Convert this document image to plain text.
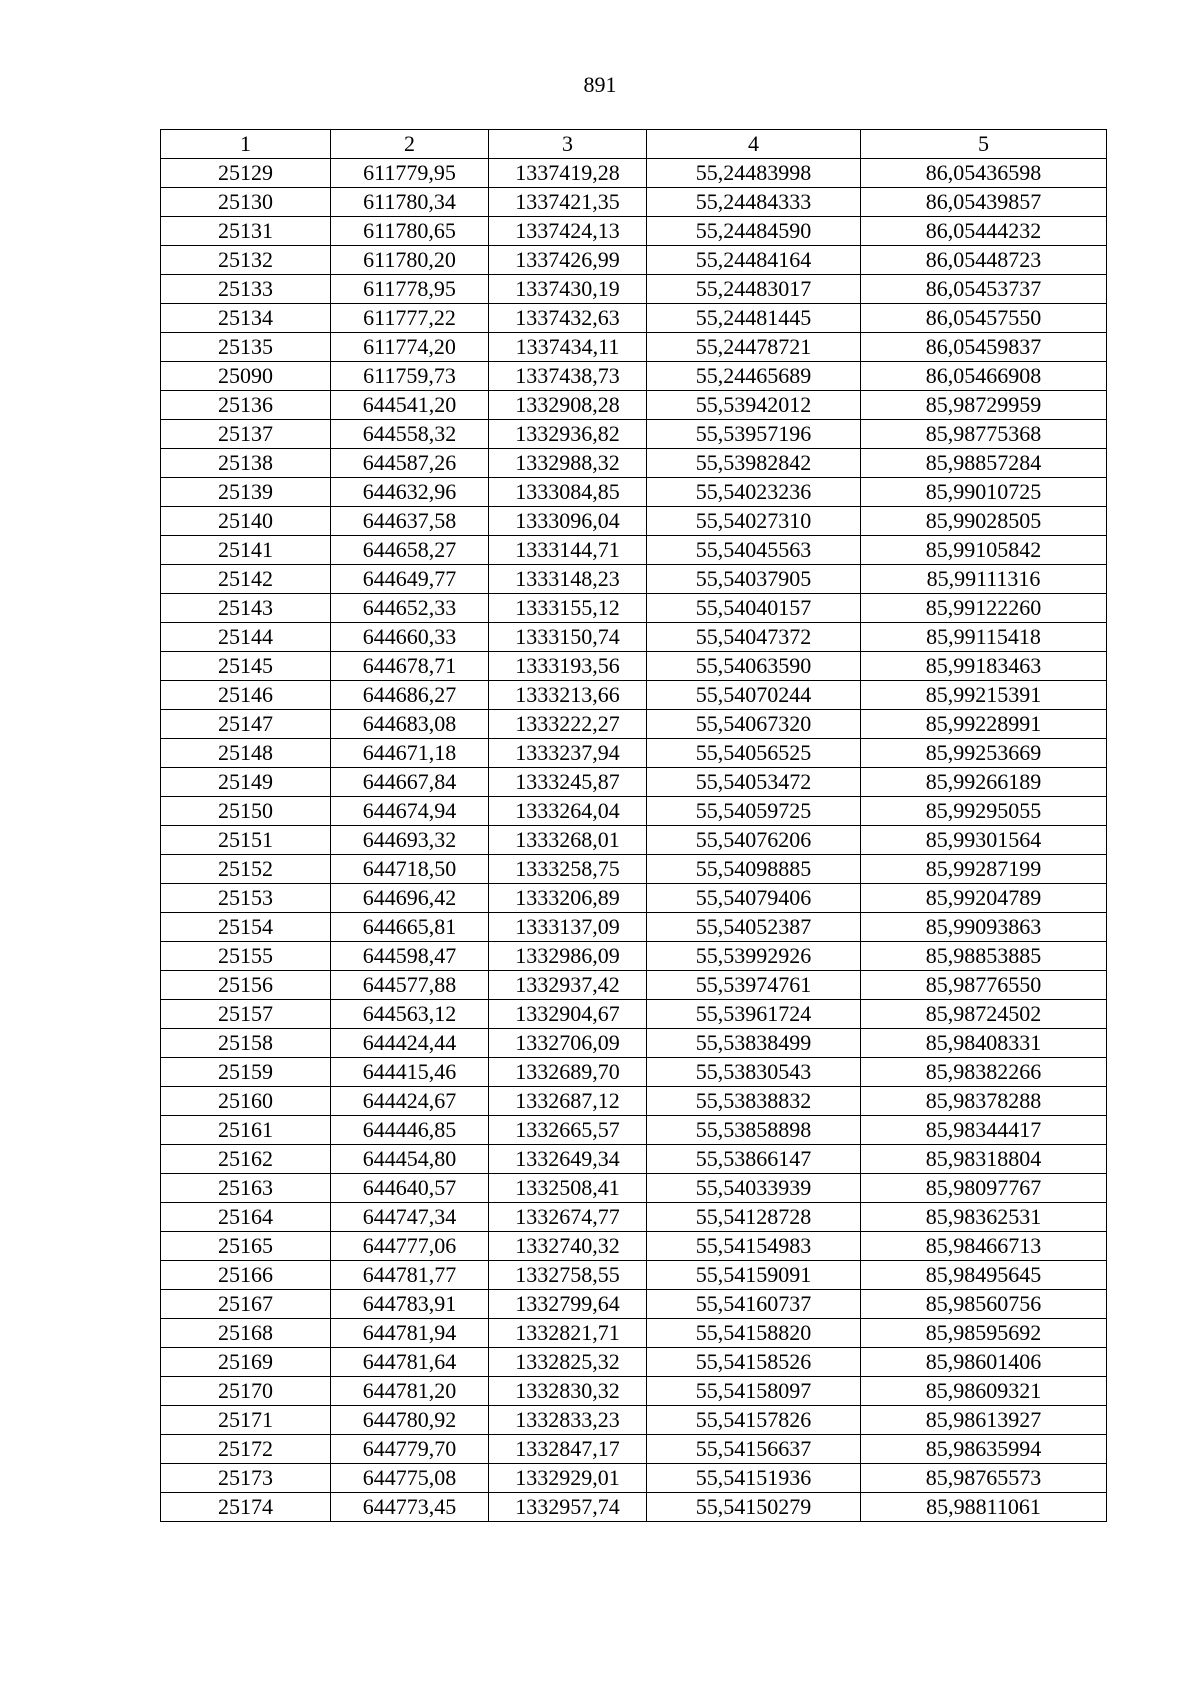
891
1	2	3	4	5
25129	611779,95	1337419,28	55,24483998	86,05436598
25130	611780,34	1337421,35	55,24484333	86,05439857
25131	611780,65	1337424,13	55,24484590	86,05444232
25132	611780,20	1337426,99	55,24484164	86,05448723
25133	611778,95	1337430,19	55,24483017	86,05453737
25134	611777,22	1337432,63	55,24481445	86,05457550
25135	611774,20	1337434,11	55,24478721	86,05459837
25090	611759,73	1337438,73	55,24465689	86,05466908
25136	644541,20	1332908,28	55,53942012	85,98729959
25137	644558,32	1332936,82	55,53957196	85,98775368
25138	644587,26	1332988,32	55,53982842	85,98857284
25139	644632,96	1333084,85	55,54023236	85,99010725
25140	644637,58	1333096,04	55,54027310	85,99028505
25141	644658,27	1333144,71	55,54045563	85,99105842
25142	644649,77	1333148,23	55,54037905	85,99111316
25143	644652,33	1333155,12	55,54040157	85,99122260
25144	644660,33	1333150,74	55,54047372	85,99115418
25145	644678,71	1333193,56	55,54063590	85,99183463
25146	644686,27	1333213,66	55,54070244	85,99215391
25147	644683,08	1333222,27	55,54067320	85,99228991
25148	644671,18	1333237,94	55,54056525	85,99253669
25149	644667,84	1333245,87	55,54053472	85,99266189
25150	644674,94	1333264,04	55,54059725	85,99295055
25151	644693,32	1333268,01	55,54076206	85,99301564
25152	644718,50	1333258,75	55,54098885	85,99287199
25153	644696,42	1333206,89	55,54079406	85,99204789
25154	644665,81	1333137,09	55,54052387	85,99093863
25155	644598,47	1332986,09	55,53992926	85,98853885
25156	644577,88	1332937,42	55,53974761	85,98776550
25157	644563,12	1332904,67	55,53961724	85,98724502
25158	644424,44	1332706,09	55,53838499	85,98408331
25159	644415,46	1332689,70	55,53830543	85,98382266
25160	644424,67	1332687,12	55,53838832	85,98378288
25161	644446,85	1332665,57	55,53858898	85,98344417
25162	644454,80	1332649,34	55,53866147	85,98318804
25163	644640,57	1332508,41	55,54033939	85,98097767
25164	644747,34	1332674,77	55,54128728	85,98362531
25165	644777,06	1332740,32	55,54154983	85,98466713
25166	644781,77	1332758,55	55,54159091	85,98495645
25167	644783,91	1332799,64	55,54160737	85,98560756
25168	644781,94	1332821,71	55,54158820	85,98595692
25169	644781,64	1332825,32	55,54158526	85,98601406
25170	644781,20	1332830,32	55,54158097	85,98609321
25171	644780,92	1332833,23	55,54157826	85,98613927
25172	644779,70	1332847,17	55,54156637	85,98635994
25173	644775,08	1332929,01	55,54151936	85,98765573
25174	644773,45	1332957,74	55,54150279	85,98811061
